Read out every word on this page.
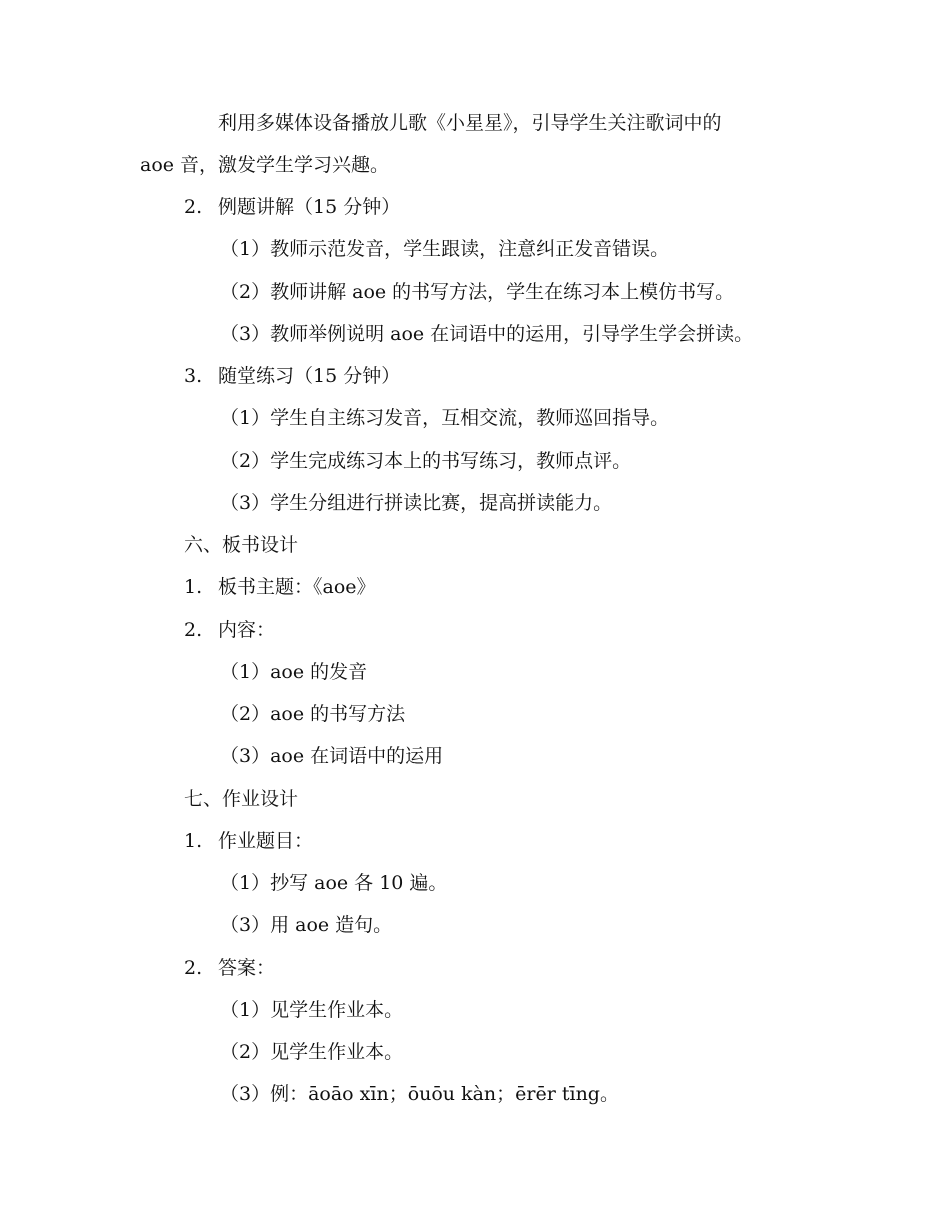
利用多媒体设备播放儿歌《小星星》，引导学生关注歌词中的
aoe 音，激发学生学习兴趣。
2. 例题讲解（15 分钟）
（1）教师示范发音，学生跟读，注意纠正发音错误。
（2）教师讲解 aoe 的书写方法，学生在练习本上模仿书写。
（3）教师举例说明 aoe 在词语中的运用，引导学生学会拼读。
3. 随堂练习（15 分钟）
（1）学生自主练习发音，互相交流，教师巡回指导。
（2）学生完成练习本上的书写练习，教师点评。
（3）学生分组进行拼读比赛，提高拼读能力。
六、板书设计
1. 板书主题：《aoe》
2. 内容：
（1）aoe 的发音
（2）aoe 的书写方法
（3）aoe 在词语中的运用
七、作业设计
1. 作业题目：
（1）抄写 aoe 各 10 遍。
（3）用 aoe 造句。
2. 答案：
（1）见学生作业本。
（2）见学生作业本。
（3）例：āoāo xīn；ōuōu kàn；ērēr tīng。
